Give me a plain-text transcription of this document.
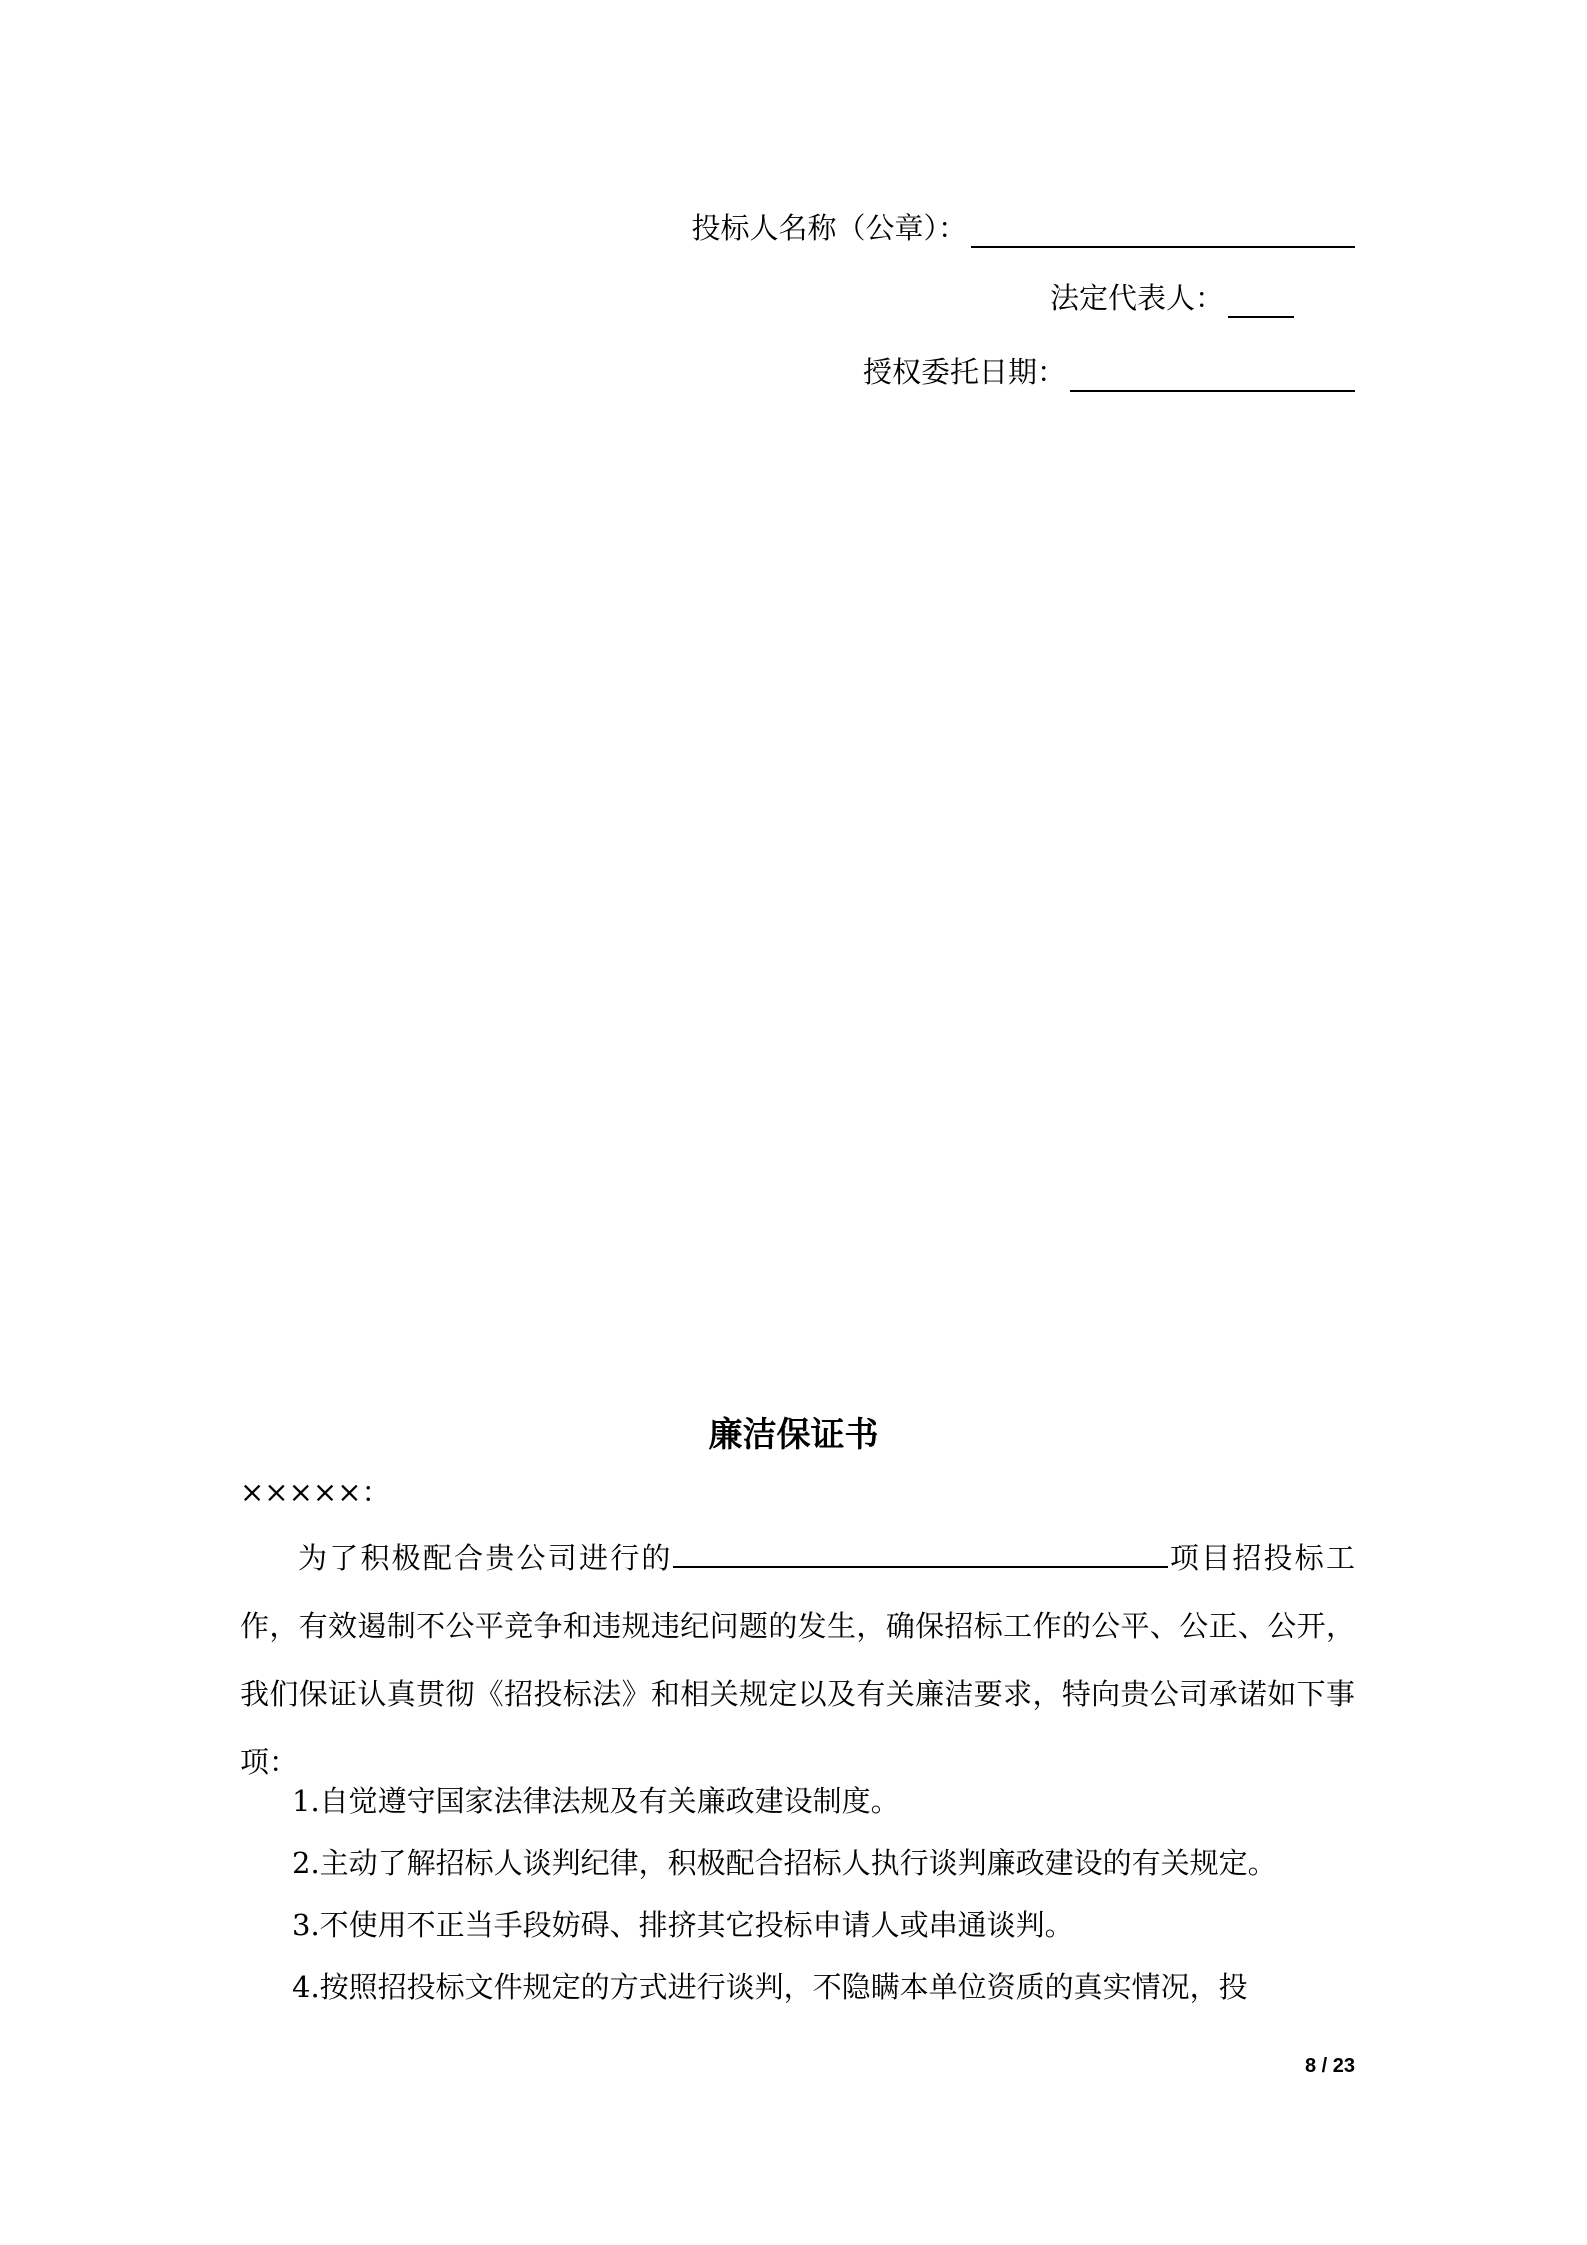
投标人名称（公章）：
法定代表人：
授权委托日期：
廉洁保证书
×××××：
为了积极配合贵公司进行的	项目招投标工作，有效遏制不公平竞争和违规违纪问题的发生，确保招标工作的公平、公正、公开，我们保证认真贯彻《招投标法》和相关规定以及有关廉洁要求，特向贵公司承诺如下事项：
1.自觉遵守国家法律法规及有关廉政建设制度。
2.主动了解招标人谈判纪律，积极配合招标人执行谈判廉政建设的有关规定。
3.不使用不正当手段妨碍、排挤其它投标申请人或串通谈判。
4.按照招投标文件规定的方式进行谈判，不隐瞒本单位资质的真实情况，投
8 / 23
